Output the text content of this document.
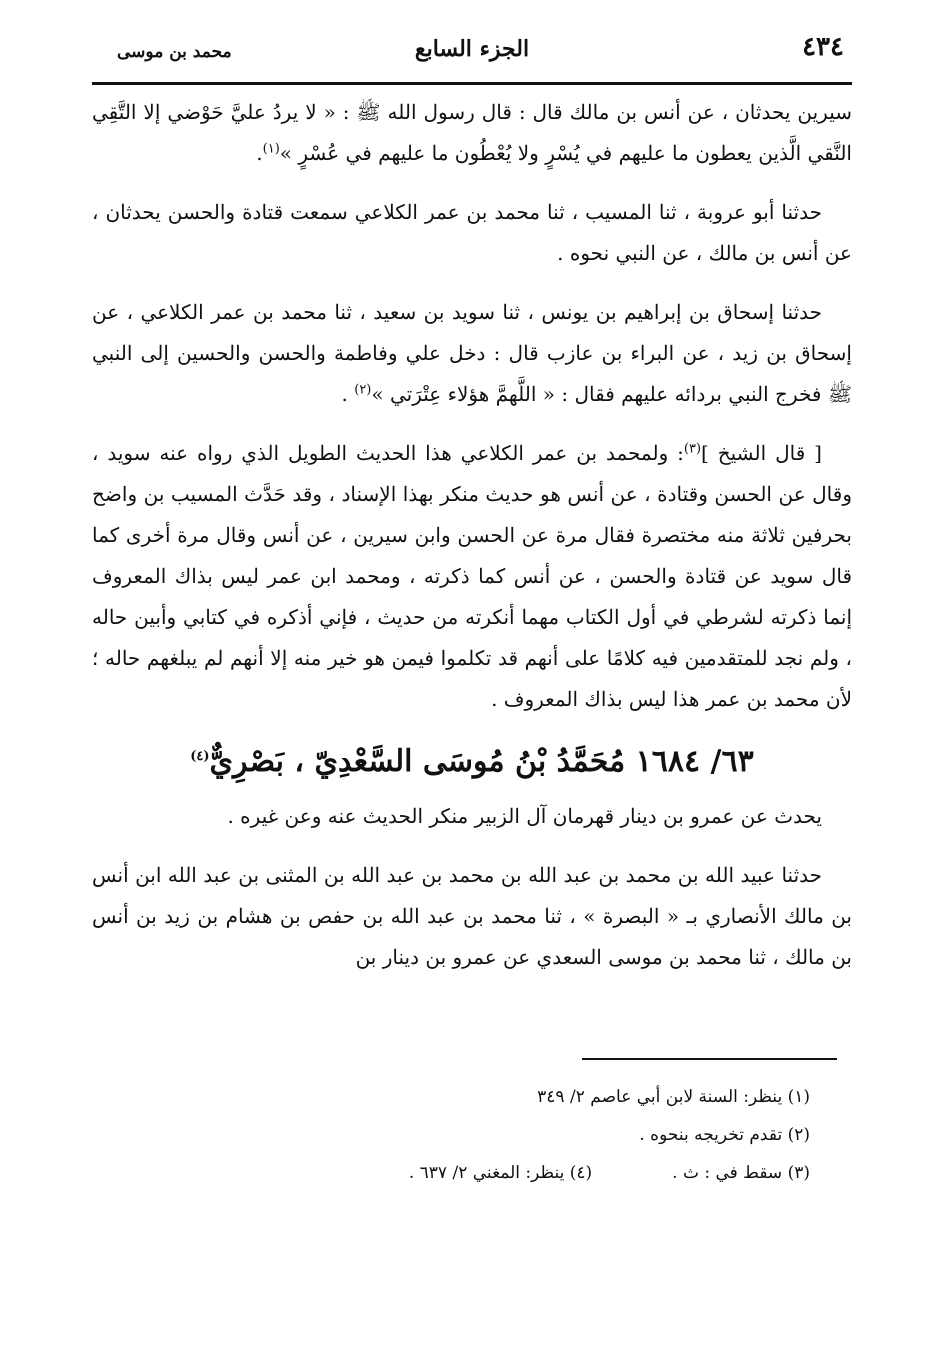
٤٣٤
الجزء السابع
محمد بن موسى

سيرين يحدثان ، عن أنس بن مالك قال : قال رسول الله ﷺ : « لا يردُ عليَّ حَوْضي إلا التَّقِي النَّقي الَّذين يعطون ما عليهم في يُسْرٍ ولا يُعْطُون ما عليهم في عُسْرٍ »$^{(١)}$.

حدثنا أبو عروبة ، ثنا المسيب ، ثنا محمد بن عمر الكلاعي سمعت قتادة والحسن يحدثان ، عن أنس بن مالك ، عن النبي نحوه .

حدثنا إسحاق بن إبراهيم بن يونس ، ثنا سويد بن سعيد ، ثنا محمد بن عمر الكلاعي ، عن إسحاق بن زيد ، عن البراء بن عازب قال : دخل علي وفاطمة والحسن والحسين إلى النبي ﷺ فخرج النبي بردائه عليهم فقال : « اللَّهمَّ هؤلاء عِتْرَتي »$^{(٢)}$ .

[ قال الشيخ ]$^{(٣)}$: ولمحمد بن عمر الكلاعي هذا الحديث الطويل الذي رواه عنه سويد ، وقال عن الحسن وقتادة ، عن أنس هو حديث منكر بهذا الإسناد ، وقد حَدَّث المسيب بن واضح بحرفين ثلاثة منه مختصرة فقال مرة عن الحسن وابن سيرين ، عن أنس وقال مرة أخرى كما قال سويد عن قتادة والحسن ، عن أنس كما ذكرته ، ومحمد ابن عمر ليس بذاك المعروف إنما ذكرته لشرطي في أول الكتاب مهما أنكرته من حديث ، فإني أذكره في كتابي وأبين حاله ، ولم نجد للمتقدمين فيه كلامًا على أنهم قد تكلموا فيمن هو خير منه إلا أنهم لم يبلغهم حاله ؛ لأن محمد بن عمر هذا ليس بذاك المعروف .

٦٣/ ١٦٨٤ مُحَمَّدُ بْنُ مُوسَى السَّعْدِيّ ، بَصْرِيٌّ$^{(٤)}$

يحدث عن عمرو بن دينار قهرمان آل الزبير منكر الحديث عنه وعن غيره .

حدثنا عبيد الله بن محمد بن عبد الله بن محمد بن عبد الله بن المثنى بن عبد الله ابن أنس بن مالك الأنصاري بـ « البصرة » ، ثنا محمد بن عبد الله بن حفص بن هشام بن زيد بن أنس بن مالك ، ثنا محمد بن موسى السعدي عن عمرو بن دينار بن

(١) ينظر: السنة لابن أبي عاصم ٢/ ٣٤٩

(٢) تقدم تخريجه بنحوه .

(٣) سقط في : ث .

(٤) ينظر: المغني ٢/ ٦٣٧ .
